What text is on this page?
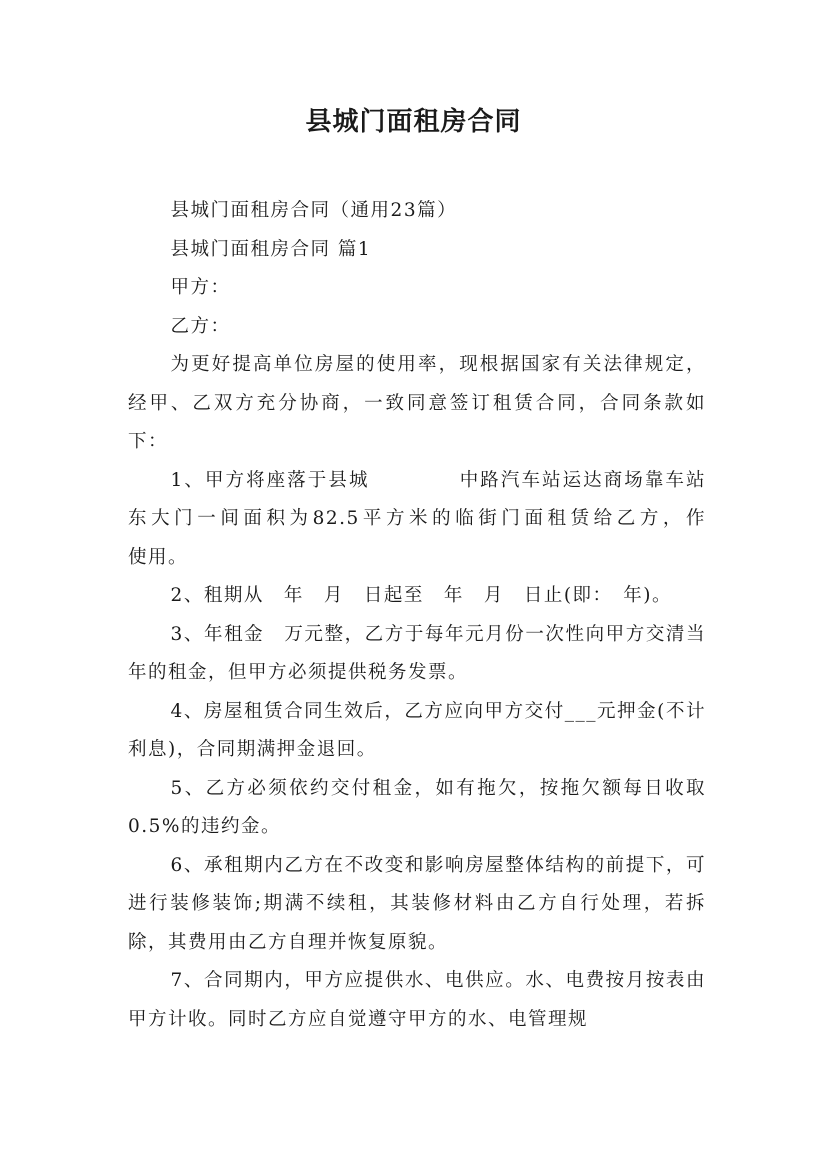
县城门面租房合同

县城门面租房合同（通用23篇）

县城门面租房合同 篇1

甲方：

乙方：

为更好提高单位房屋的使用率，现根据国家有关法律规定，经甲、乙双方充分协商，一致同意签订租赁合同，合同条款如下：

1、甲方将座落于县城　　　　 中路汽车站运达商场靠车站东大门一间面积为82.5平方米的临街门面租赁给乙方，作　　　 使用。

2、租期从　年　月　日起至　年　月　日止(即：　年)。

3、年租金　万元整，乙方于每年元月份一次性向甲方交清当年的租金，但甲方必须提供税务发票。

4、房屋租赁合同生效后，乙方应向甲方交付___元押金(不计利息)，合同期满押金退回。

5、乙方必须依约交付租金，如有拖欠，按拖欠额每日收取0.5%的违约金。

6、承租期内乙方在不改变和影响房屋整体结构的前提下，可进行装修装饰;期满不续租，其装修材料由乙方自行处理，若拆除，其费用由乙方自理并恢复原貌。

7、合同期内，甲方应提供水、电供应。水、电费按月按表由甲方计收。同时乙方应自觉遵守甲方的水、电管理规
